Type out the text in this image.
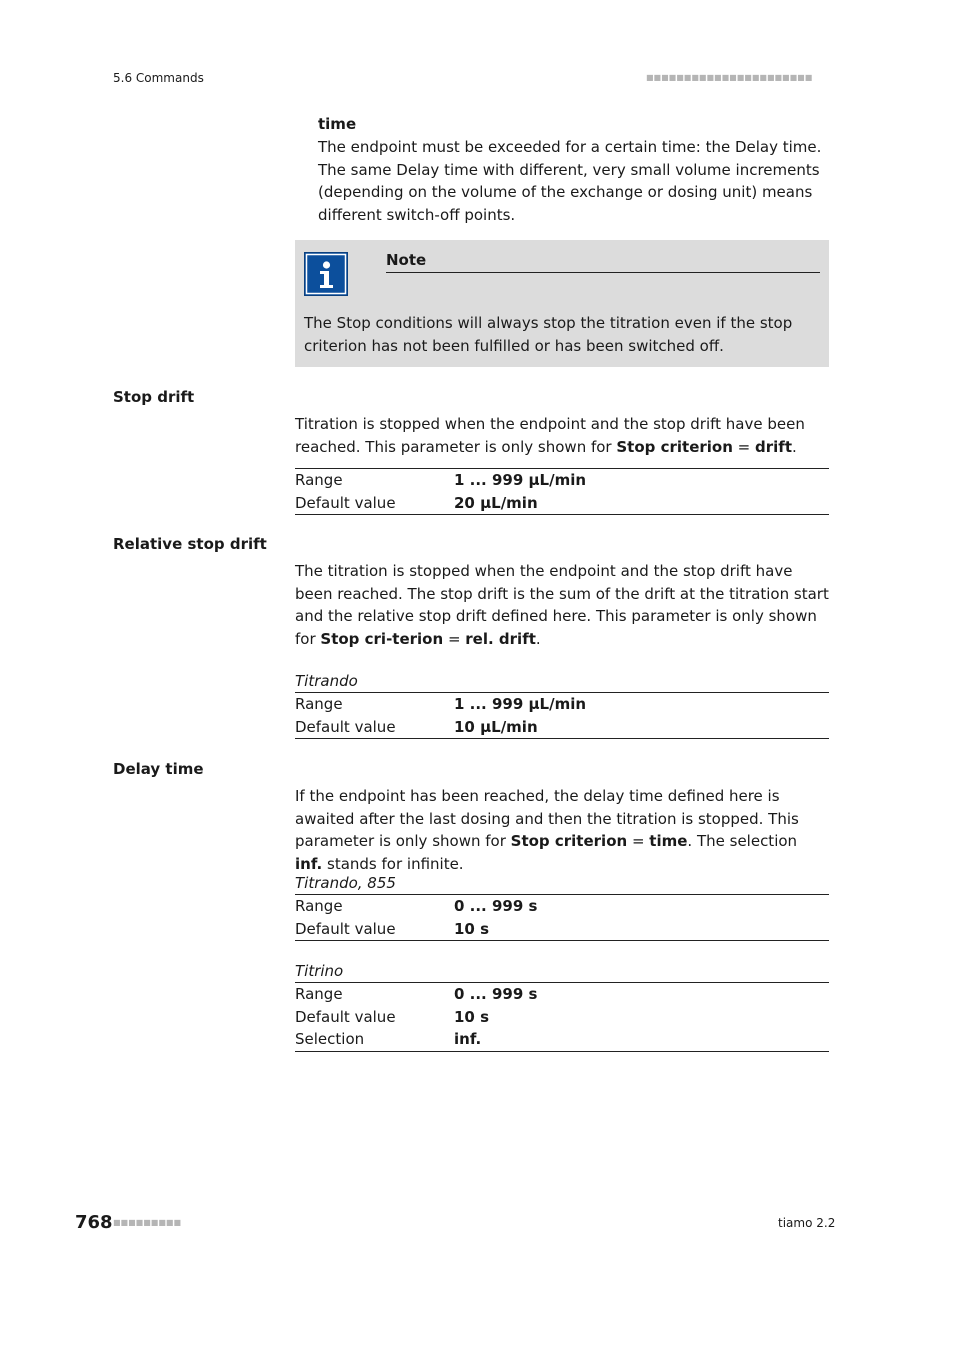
5.6 Commands	■■■■■■■■■■■■■■■■■■■■■■
time
The endpoint must be exceeded for a certain time: the Delay time. The same Delay time with different, very small volume increments (depending on the volume of the exchange or dosing unit) means different switch-off points.
Note
The Stop conditions will always stop the titration even if the stop criterion has not been fulfilled or has been switched off.
Stop drift
Titration is stopped when the endpoint and the stop drift have been reached. This parameter is only shown for Stop criterion = drift.
Range	1 ... 999 µL/min
Default value	20 µL/min
Relative stop drift
The titration is stopped when the endpoint and the stop drift have been reached. The stop drift is the sum of the drift at the titration start and the relative stop drift defined here. This parameter is only shown for Stop cri-terion = rel. drift.
Titrando
Range	1 ... 999 µL/min
Default value	10 µL/min
Delay time
If the endpoint has been reached, the delay time defined here is awaited after the last dosing and then the titration is stopped. This parameter is only shown for Stop criterion = time. The selection inf. stands for infinite.
Titrando, 855
Range	0 ... 999 s
Default value	10 s
Titrino
Range	0 ... 999 s
Default value	10 s
Selection	inf.
768 ■■■■■■■■■	tiamo 2.2
